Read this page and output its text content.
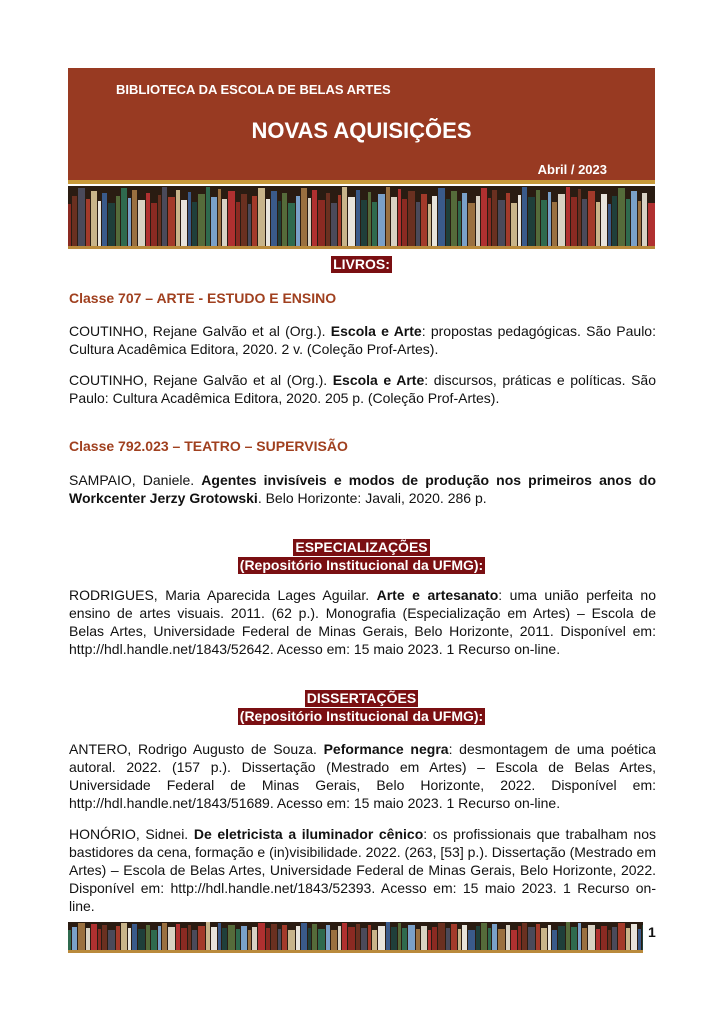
BIBLIOTECA DA ESCOLA DE BELAS ARTES
NOVAS AQUISIÇÕES
Abril / 2023
LIVROS:
Classe 707 – ARTE - ESTUDO E ENSINO
COUTINHO, Rejane Galvão et al (Org.). Escola e Arte: propostas pedagógicas. São Paulo: Cultura Acadêmica Editora, 2020. 2 v. (Coleção Prof-Artes).
COUTINHO, Rejane Galvão et al (Org.). Escola e Arte: discursos, práticas e políticas. São Paulo: Cultura Acadêmica Editora, 2020. 205 p. (Coleção Prof-Artes).
Classe 792.023 – TEATRO – SUPERVISÃO
SAMPAIO, Daniele. Agentes invisíveis e modos de produção nos primeiros anos do Workcenter Jerzy Grotowski. Belo Horizonte: Javali, 2020. 286 p.
ESPECIALIZAÇÕES
(Repositório Institucional da UFMG):
RODRIGUES, Maria Aparecida Lages Aguilar. Arte e artesanato: uma união perfeita no ensino de artes visuais. 2011. (62 p.). Monografia (Especialização em Artes) – Escola de Belas Artes, Universidade Federal de Minas Gerais, Belo Horizonte, 2011. Disponível em: http://hdl.handle.net/1843/52642. Acesso em: 15 maio 2023. 1 Recurso on-line.
DISSERTAÇÕES
(Repositório Institucional da UFMG):
ANTERO, Rodrigo Augusto de Souza. Peformance negra: desmontagem de uma poética autoral. 2022. (157 p.). Dissertação (Mestrado em Artes) – Escola de Belas Artes, Universidade Federal de Minas Gerais, Belo Horizonte, 2022. Disponível em: http://hdl.handle.net/1843/51689. Acesso em: 15 maio 2023. 1 Recurso on-line.
HONÓRIO, Sidnei. De eletricista a iluminador cênico: os profissionais que trabalham nos bastidores da cena, formação e (in)visibilidade. 2022. (263, [53] p.). Dissertação (Mestrado em Artes) – Escola de Belas Artes, Universidade Federal de Minas Gerais, Belo Horizonte, 2022. Disponível em: http://hdl.handle.net/1843/52393. Acesso em: 15 maio 2023. 1 Recurso on-line.
1
